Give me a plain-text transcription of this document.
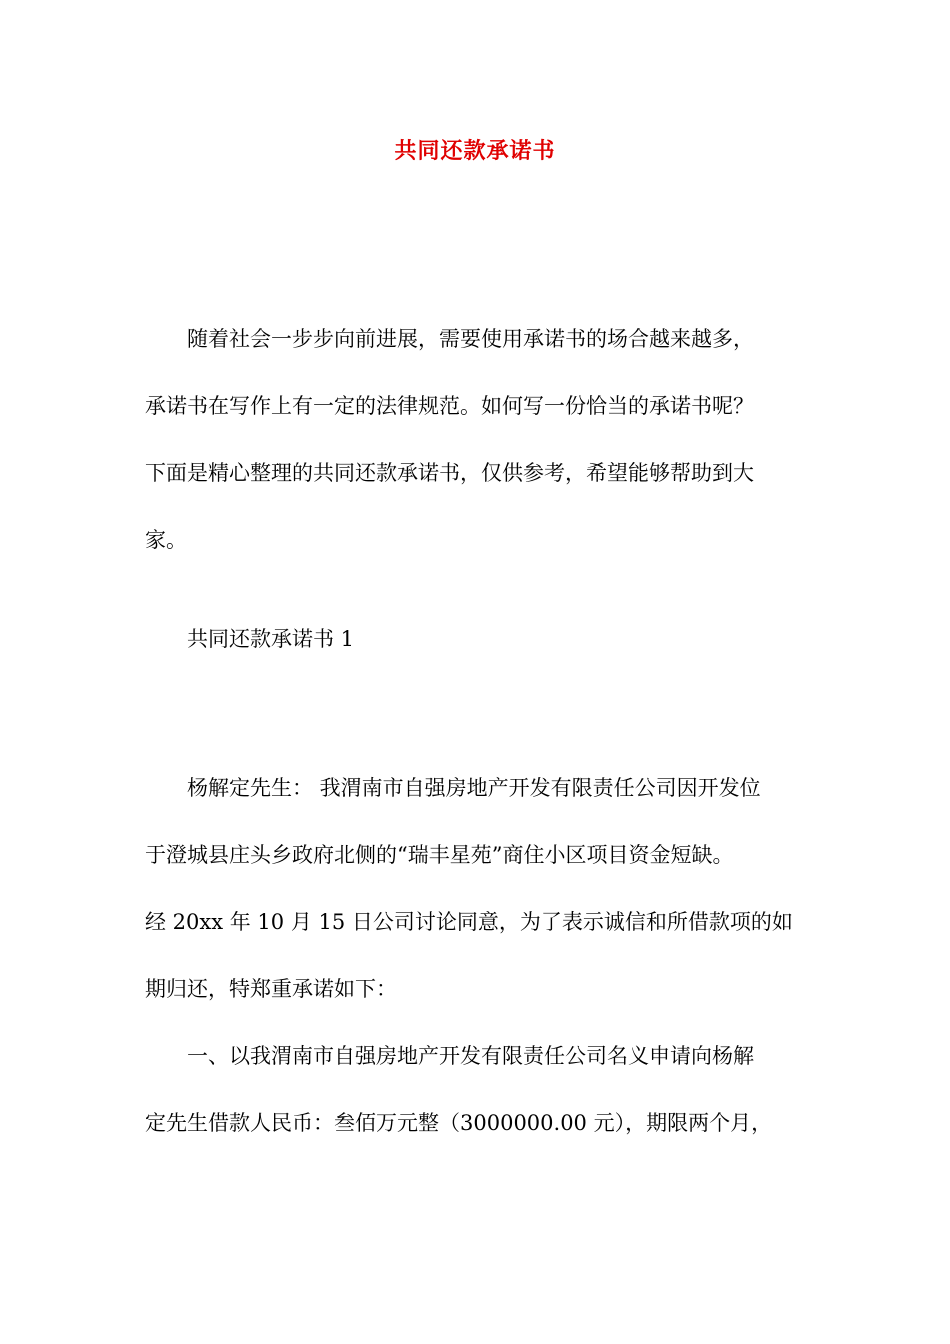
共同还款承诺书
随着社会一步步向前进展，需要使用承诺书的场合越来越多，
承诺书在写作上有一定的法律规范。如何写一份恰当的承诺书呢？
下面是精心整理的共同还款承诺书，仅供参考，希望能够帮助到大
家。
共同还款承诺书 1
杨解定先生： 我渭南市自强房地产开发有限责任公司因开发位
于澄城县庄头乡政府北侧的“瑞丰星苑”商住小区项目资金短缺。
经 20xx 年 10 月 15 日公司讨论同意，为了表示诚信和所借款项的如
期归还，特郑重承诺如下：
一、以我渭南市自强房地产开发有限责任公司名义申请向杨解
定先生借款人民币：叁佰万元整（3000000.00 元），期限两个月，
